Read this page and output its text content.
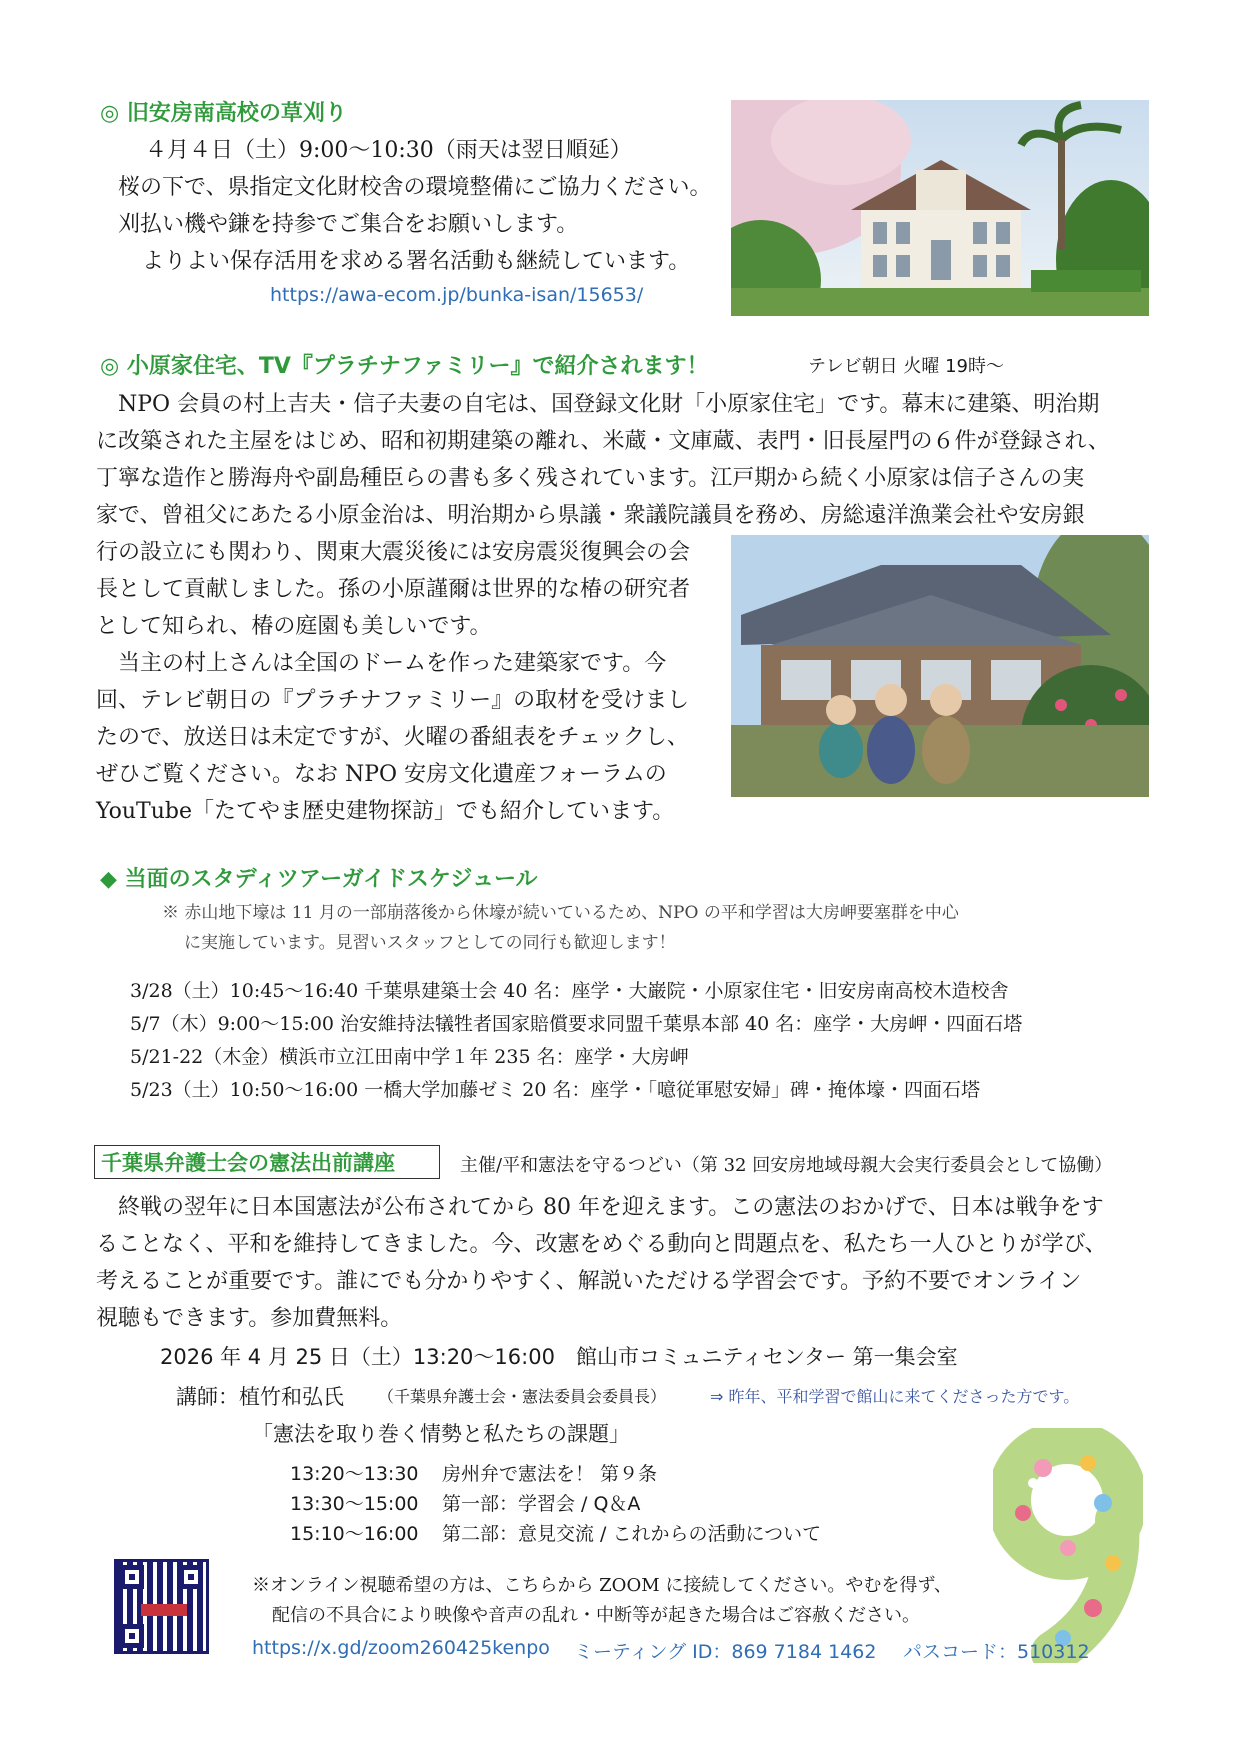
◎ 旧安房南高校の草刈り
４月４日（土）9:00～10:30（雨天は翌日順延）
桜の下で、県指定文化財校舎の環境整備にご協力ください。
刈払い機や鎌を持参でご集合をお願いします。
よりよい保存活用を求める署名活動も継続しています。
https://awa-ecom.jp/bunka-isan/15653/
◎ 小原家住宅、TV『プラチナファミリー』で紹介されます！	テレビ朝日 火曜 19時～
　NPO 会員の村上吉夫・信子夫妻の自宅は、国登録文化財「小原家住宅」です。幕末に建築、明治期
に改築された主屋をはじめ、昭和初期建築の離れ、米蔵・文庫蔵、表門・旧長屋門の６件が登録され、
丁寧な造作と勝海舟や副島種臣らの書も多く残されています。江戸期から続く小原家は信子さんの実
家で、曾祖父にあたる小原金治は、明治期から県議・衆議院議員を務め、房総遠洋漁業会社や安房銀
行の設立にも関わり、関東大震災後には安房震災復興会の会
長として貢献しました。孫の小原謹爾は世界的な椿の研究者
として知られ、椿の庭園も美しいです。
　当主の村上さんは全国のドームを作った建築家です。今
回、テレビ朝日の『プラチナファミリー』の取材を受けまし
たので、放送日は未定ですが、火曜の番組表をチェックし、
ぜひご覧ください。なお NPO 安房文化遺産フォーラムの
YouTube「たてやま歴史建物探訪」でも紹介しています。
◆ 当面のスタディツアーガイドスケジュール
※ 赤山地下壕は 11 月の一部崩落後から休壕が続いているため、NPO の平和学習は大房岬要塞群を中心
に実施しています。見習いスタッフとしての同行も歓迎します！
3/28（土）10:45～16:40 千葉県建築士会 40 名：座学・大巌院・小原家住宅・旧安房南高校木造校舎
5/7（木）9:00～15:00 治安維持法犠牲者国家賠償要求同盟千葉県本部 40 名：座学・大房岬・四面石塔
5/21-22（木金）横浜市立江田南中学１年 235 名：座学・大房岬
5/23（土）10:50～16:00 一橋大学加藤ゼミ 20 名：座学・「噫従軍慰安婦」碑・掩体壕・四面石塔
千葉県弁護士会の憲法出前講座	主催/平和憲法を守るつどい（第 32 回安房地域母親大会実行委員会として協働）
　終戦の翌年に日本国憲法が公布されてから 80 年を迎えます。この憲法のおかげで、日本は戦争をす
ることなく、平和を維持してきました。今、改憲をめぐる動向と問題点を、私たち一人ひとりが学び、
考えることが重要です。誰にでも分かりやすく、解説いただける学習会です。予約不要でオンライン
視聴もできます。参加費無料。
2026 年 4 月 25 日（土）13:20～16:00　館山市コミュニティセンター 第一集会室
講師：植竹和弘氏 （千葉県弁護士会・憲法委員会委員長）	⇒ 昨年、平和学習で館山に来てくださった方です。
「憲法を取り巻く情勢と私たちの課題」
13:20～13:30 房州弁で憲法を！ 第９条
13:30～15:00 第一部：学習会 / Q＆A
15:10～16:00 第二部：意見交流 / これからの活動について
※オンライン視聴希望の方は、こちらから ZOOM に接続してください。やむを得ず、
配信の不具合により映像や音声の乱れ・中断等が起きた場合はご容赦ください。
https://x.gd/zoom260425kenpo ミーティング ID：869 7184 1462 パスコード：510312
